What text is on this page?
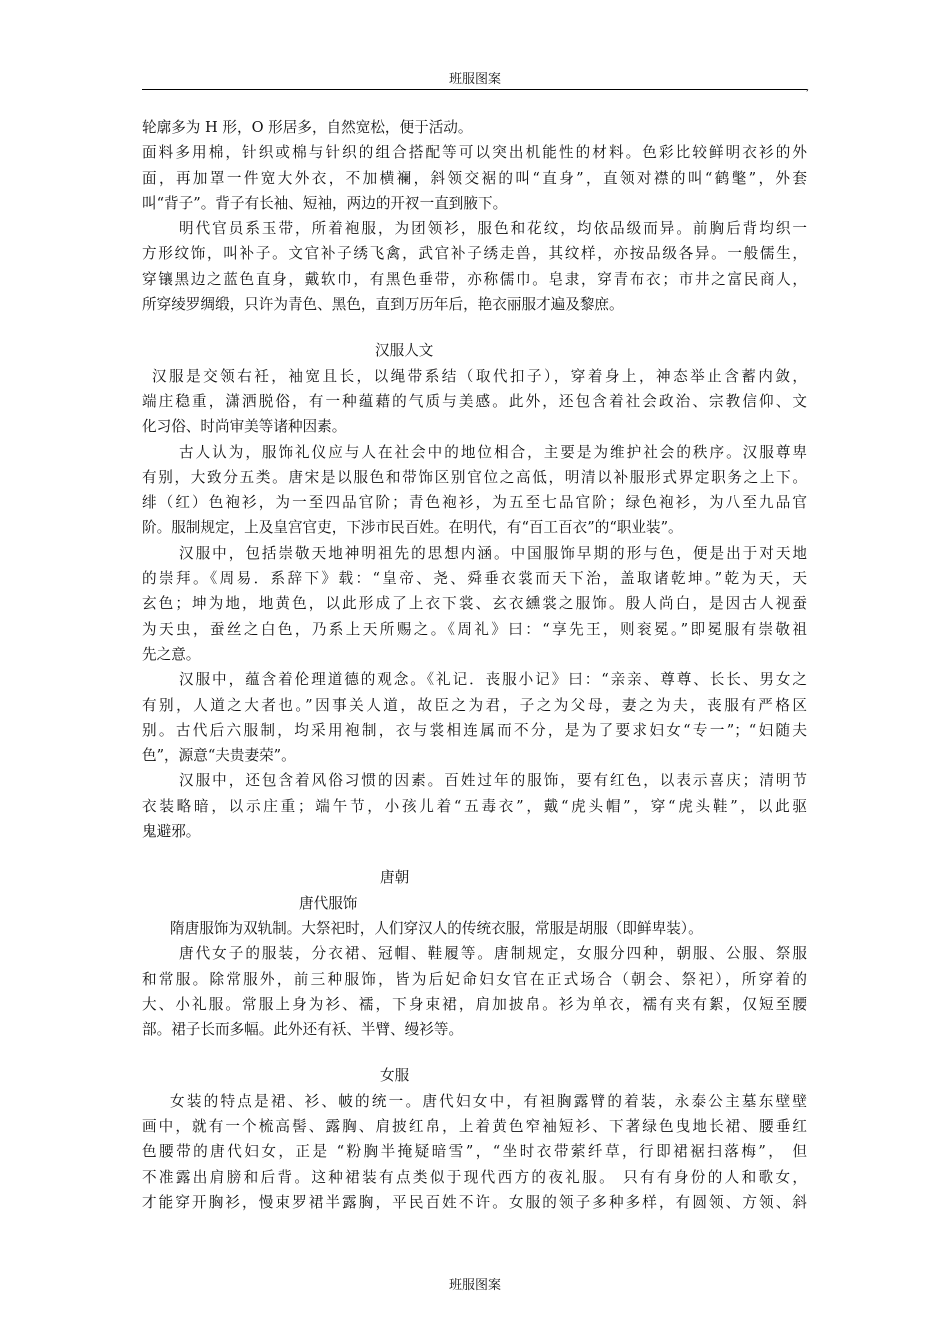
班服图案
,
轮廓多为 H 形，O 形居多，自然宽松，便于活动。
面料多用棉，针织或棉与针织的组合搭配等可以突出机能性的材料。色彩比较鲜明衣衫的外
面，再加罩一件宽大外衣，不加横襕，斜领交裾的叫“直身”，直领对襟的叫“鹤氅”，外套
叫“背子”。背子有长袖、短袖，两边的开衩一直到腋下。
明代官员系玉带，所着袍服，为团领衫，服色和花纹，均依品级而异。前胸后背均织一
方形纹饰，叫补子。文官补子绣飞禽，武官补子绣走兽，其纹样，亦按品级各异。一般儒生，
穿镶黑边之蓝色直身，戴软巾，有黑色垂带，亦称儒巾。皂隶，穿青布衣；市井之富民商人，
所穿绫罗绸缎，只许为青色、黑色，直到万历年后，艳衣丽服才遍及黎庶。
汉服人文
汉服是交领右衽，袖宽且长，以绳带系结（取代扣子），穿着身上，神态举止含蓄内敛，
端庄稳重，潇洒脱俗，有一种蕴藉的气质与美感。此外，还包含着社会政治、宗教信仰、文
化习俗、时尚审美等诸种因素。
古人认为，服饰礼仪应与人在社会中的地位相合，主要是为维护社会的秩序。汉服尊卑
有别，大致分五类。唐宋是以服色和带饰区别官位之高低，明清以补服形式界定职务之上下。
绯（红）色袍衫，为一至四品官阶；青色袍衫，为五至七品官阶；绿色袍衫，为八至九品官
阶。服制规定，上及皇宫官吏，下涉市民百姓。在明代，有“百工百衣”的“职业装”。
汉服中，包括崇敬天地神明祖先的思想内涵。中国服饰早期的形与色，便是出于对天地
的崇拜。《周易．系辞下》载：“皇帝、尧、舜垂衣裳而天下治，盖取诸乾坤。”乾为天，天
玄色；坤为地，地黄色，以此形成了上衣下裳、玄衣纁裳之服饰。殷人尚白，是因古人视蚕
为天虫，蚕丝之白色，乃系上天所赐之。《周礼》曰：“享先王，则衮冕。”即冕服有崇敬祖
先之意。
汉服中，蕴含着伦理道德的观念。《礼记．丧服小记》曰：“亲亲、尊尊、长长、男女之
有别，人道之大者也。”因事关人道，故臣之为君，子之为父母，妻之为夫，丧服有严格区
别。古代后六服制，均采用袍制，衣与裳相连属而不分，是为了要求妇女“专一”；“妇随夫
色”，源意“夫贵妻荣”。
汉服中，还包含着风俗习惯的因素。百姓过年的服饰，要有红色，以表示喜庆；清明节
衣装略暗，以示庄重；端午节，小孩儿着“五毒衣”，戴“虎头帽”，穿“虎头鞋”，以此驱
鬼避邪。
唐朝
唐代服饰
隋唐服饰为双轨制。大祭祀时，人们穿汉人的传统衣服，常服是胡服（即鲜卑装）。
唐代女子的服装，分衣裙、冠帽、鞋履等。唐制规定，女服分四种，朝服、公服、祭服
和常服。除常服外，前三种服饰，皆为后妃命妇女官在正式场合（朝会、祭祀），所穿着的
大、小礼服。常服上身为衫、襦，下身束裙，肩加披帛。衫为单衣，襦有夹有絮，仅短至腰
部。裙子长而多幅。此外还有袄、半臂、缦衫等。
女服
女装的特点是裙、衫、帔的统一。唐代妇女中，有袒胸露臂的着装，永泰公主墓东壁壁
画中，就有一个梳高髻、露胸、肩披红帛，上着黄色窄袖短衫、下著绿色曳地长裙、腰垂红
色腰带的唐代妇女，正是 “粉胸半掩疑暗雪”，“坐时衣带萦纤草，行即裙裾扫落梅”， 但
不准露出肩膀和后背。这种裙装有点类似于现代西方的夜礼服。 只有有身份的人和歌女，
才能穿开胸衫，慢束罗裙半露胸，平民百姓不许。女服的领子多种多样，有圆领、方领、斜
班服图案
